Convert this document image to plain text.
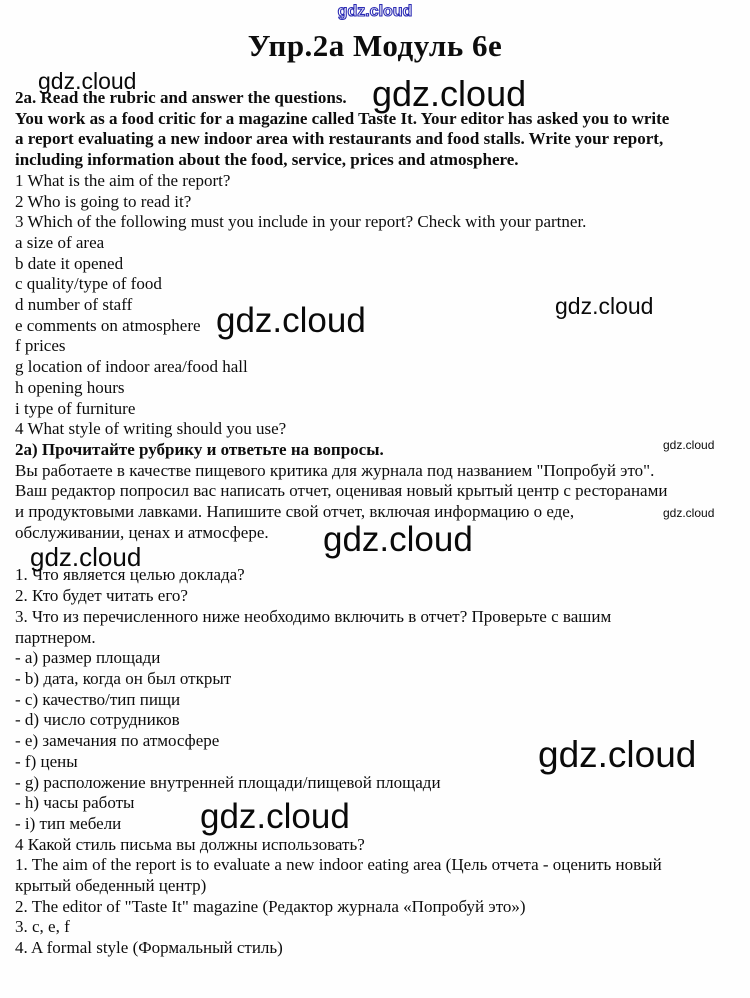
gdz.cloud
gdz.cloud	gdz.cloud
gdz.cloud
gdz.cloud
gdz.cloud
gdz.cloud
gdz.cloud
gdz.cloud
gdz.cloud
gdz.cloud
Упр.2а Модуль 6e
2a. Read the rubric and answer the questions.
You work as a food critic for a magazine called Taste It. Your editor has asked you to write
a report evaluating a new indoor area with restaurants and food stalls. Write your report,
including information about the food, service, prices and atmosphere.
1 What is the aim of the report?
2 Who is going to read it?
3 Which of the following must you include in your report? Check with your partner.
a size of area
b date it opened
c quality/type of food
d number of staff
e comments on atmosphere
f prices
g location of indoor area/food hall
h opening hours
i type of furniture
4 What style of writing should you use?
2а) Прочитайте рубрику и ответьте на вопросы.
Вы работаете в качестве пищевого критика для журнала под названием "Попробуй это".
Ваш редактор попросил вас написать отчет, оценивая новый крытый центр с ресторанами
и продуктовыми лавками. Напишите свой отчет, включая информацию о еде,
обслуживании, ценах и атмосфере.
1. Что является целью доклада?
2. Кто будет читать его?
3. Что из перечисленного ниже необходимо включить в отчет? Проверьте с вашим
партнером.
- а) размер площади
- b) дата, когда он был открыт
- c) качество/тип пищи
- d) число сотрудников
- e) замечания по атмосфере
- f) цены
- g) расположение внутренней площади/пищевой площади
- h) часы работы
- i) тип мебели
4 Какой стиль письма вы должны использовать?
1. The aim of the report is to evaluate a new indoor eating area (Цель отчета - оценить новый
крытый обеденный центр)
2. The editor of "Taste It" magazine (Редактор журнала «Попробуй это»)
3. c, e, f
4. A formal style (Формальный стиль)
